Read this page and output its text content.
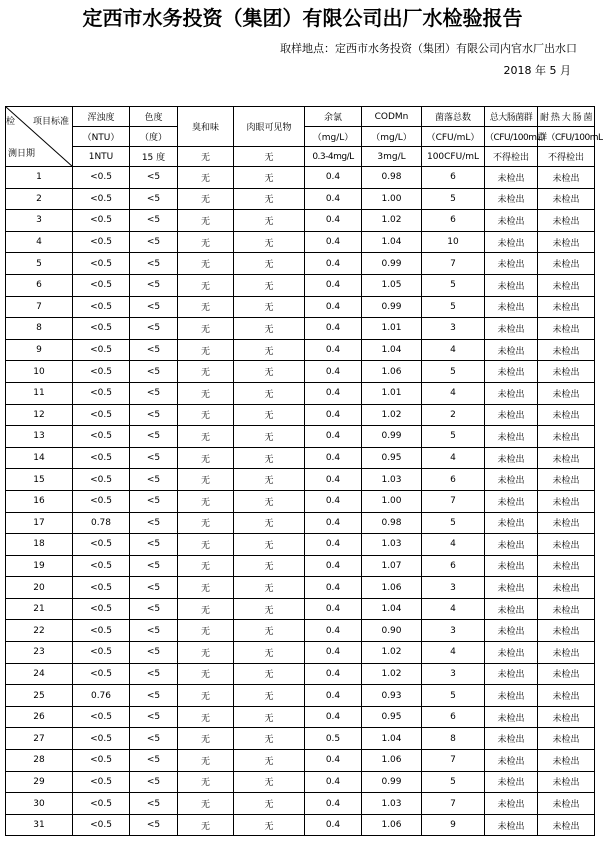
定西市水务投资（集团）有限公司出厂水检验报告
取样地点：定西市水务投资（集团）有限公司内官水厂出水口
2018 年 5 月
检 项目标准
测日期	浑浊度	色度	臭和味	肉眼可见物	余氯	CODMn	菌落总数	总大肠菌群	耐 热 大 肠 菌
	（NTU）	（度）			（mg/L）	（mg/L）	（CFU/mL）	（CFU/100mL）	群（CFU/100mL
	1NTU	15 度	无	无	0.3-4mg/L	3mg/L	100CFU/mL	不得检出	不得检出
1	<0.5	<5	无	无	0.4	0.98	6	未检出	未检出
2	<0.5	<5	无	无	0.4	1.00	5	未检出	未检出
3	<0.5	<5	无	无	0.4	1.02	6	未检出	未检出
4	<0.5	<5	无	无	0.4	1.04	10	未检出	未检出
5	<0.5	<5	无	无	0.4	0.99	7	未检出	未检出
6	<0.5	<5	无	无	0.4	1.05	5	未检出	未检出
7	<0.5	<5	无	无	0.4	0.99	5	未检出	未检出
8	<0.5	<5	无	无	0.4	1.01	3	未检出	未检出
9	<0.5	<5	无	无	0.4	1.04	4	未检出	未检出
10	<0.5	<5	无	无	0.4	1.06	5	未检出	未检出
11	<0.5	<5	无	无	0.4	1.01	4	未检出	未检出
12	<0.5	<5	无	无	0.4	1.02	2	未检出	未检出
13	<0.5	<5	无	无	0.4	0.99	5	未检出	未检出
14	<0.5	<5	无	无	0.4	0.95	4	未检出	未检出
15	<0.5	<5	无	无	0.4	1.03	6	未检出	未检出
16	<0.5	<5	无	无	0.4	1.00	7	未检出	未检出
17	0.78	<5	无	无	0.4	0.98	5	未检出	未检出
18	<0.5	<5	无	无	0.4	1.03	4	未检出	未检出
19	<0.5	<5	无	无	0.4	1.07	6	未检出	未检出
20	<0.5	<5	无	无	0.4	1.06	3	未检出	未检出
21	<0.5	<5	无	无	0.4	1.04	4	未检出	未检出
22	<0.5	<5	无	无	0.4	0.90	3	未检出	未检出
23	<0.5	<5	无	无	0.4	1.02	4	未检出	未检出
24	<0.5	<5	无	无	0.4	1.02	3	未检出	未检出
25	0.76	<5	无	无	0.4	0.93	5	未检出	未检出
26	<0.5	<5	无	无	0.4	0.95	6	未检出	未检出
27	<0.5	<5	无	无	0.5	1.04	8	未检出	未检出
28	<0.5	<5	无	无	0.4	1.06	7	未检出	未检出
29	<0.5	<5	无	无	0.4	0.99	5	未检出	未检出
30	<0.5	<5	无	无	0.4	1.03	7	未检出	未检出
31	<0.5	<5	无	无	0.4	1.06	9	未检出	未检出
